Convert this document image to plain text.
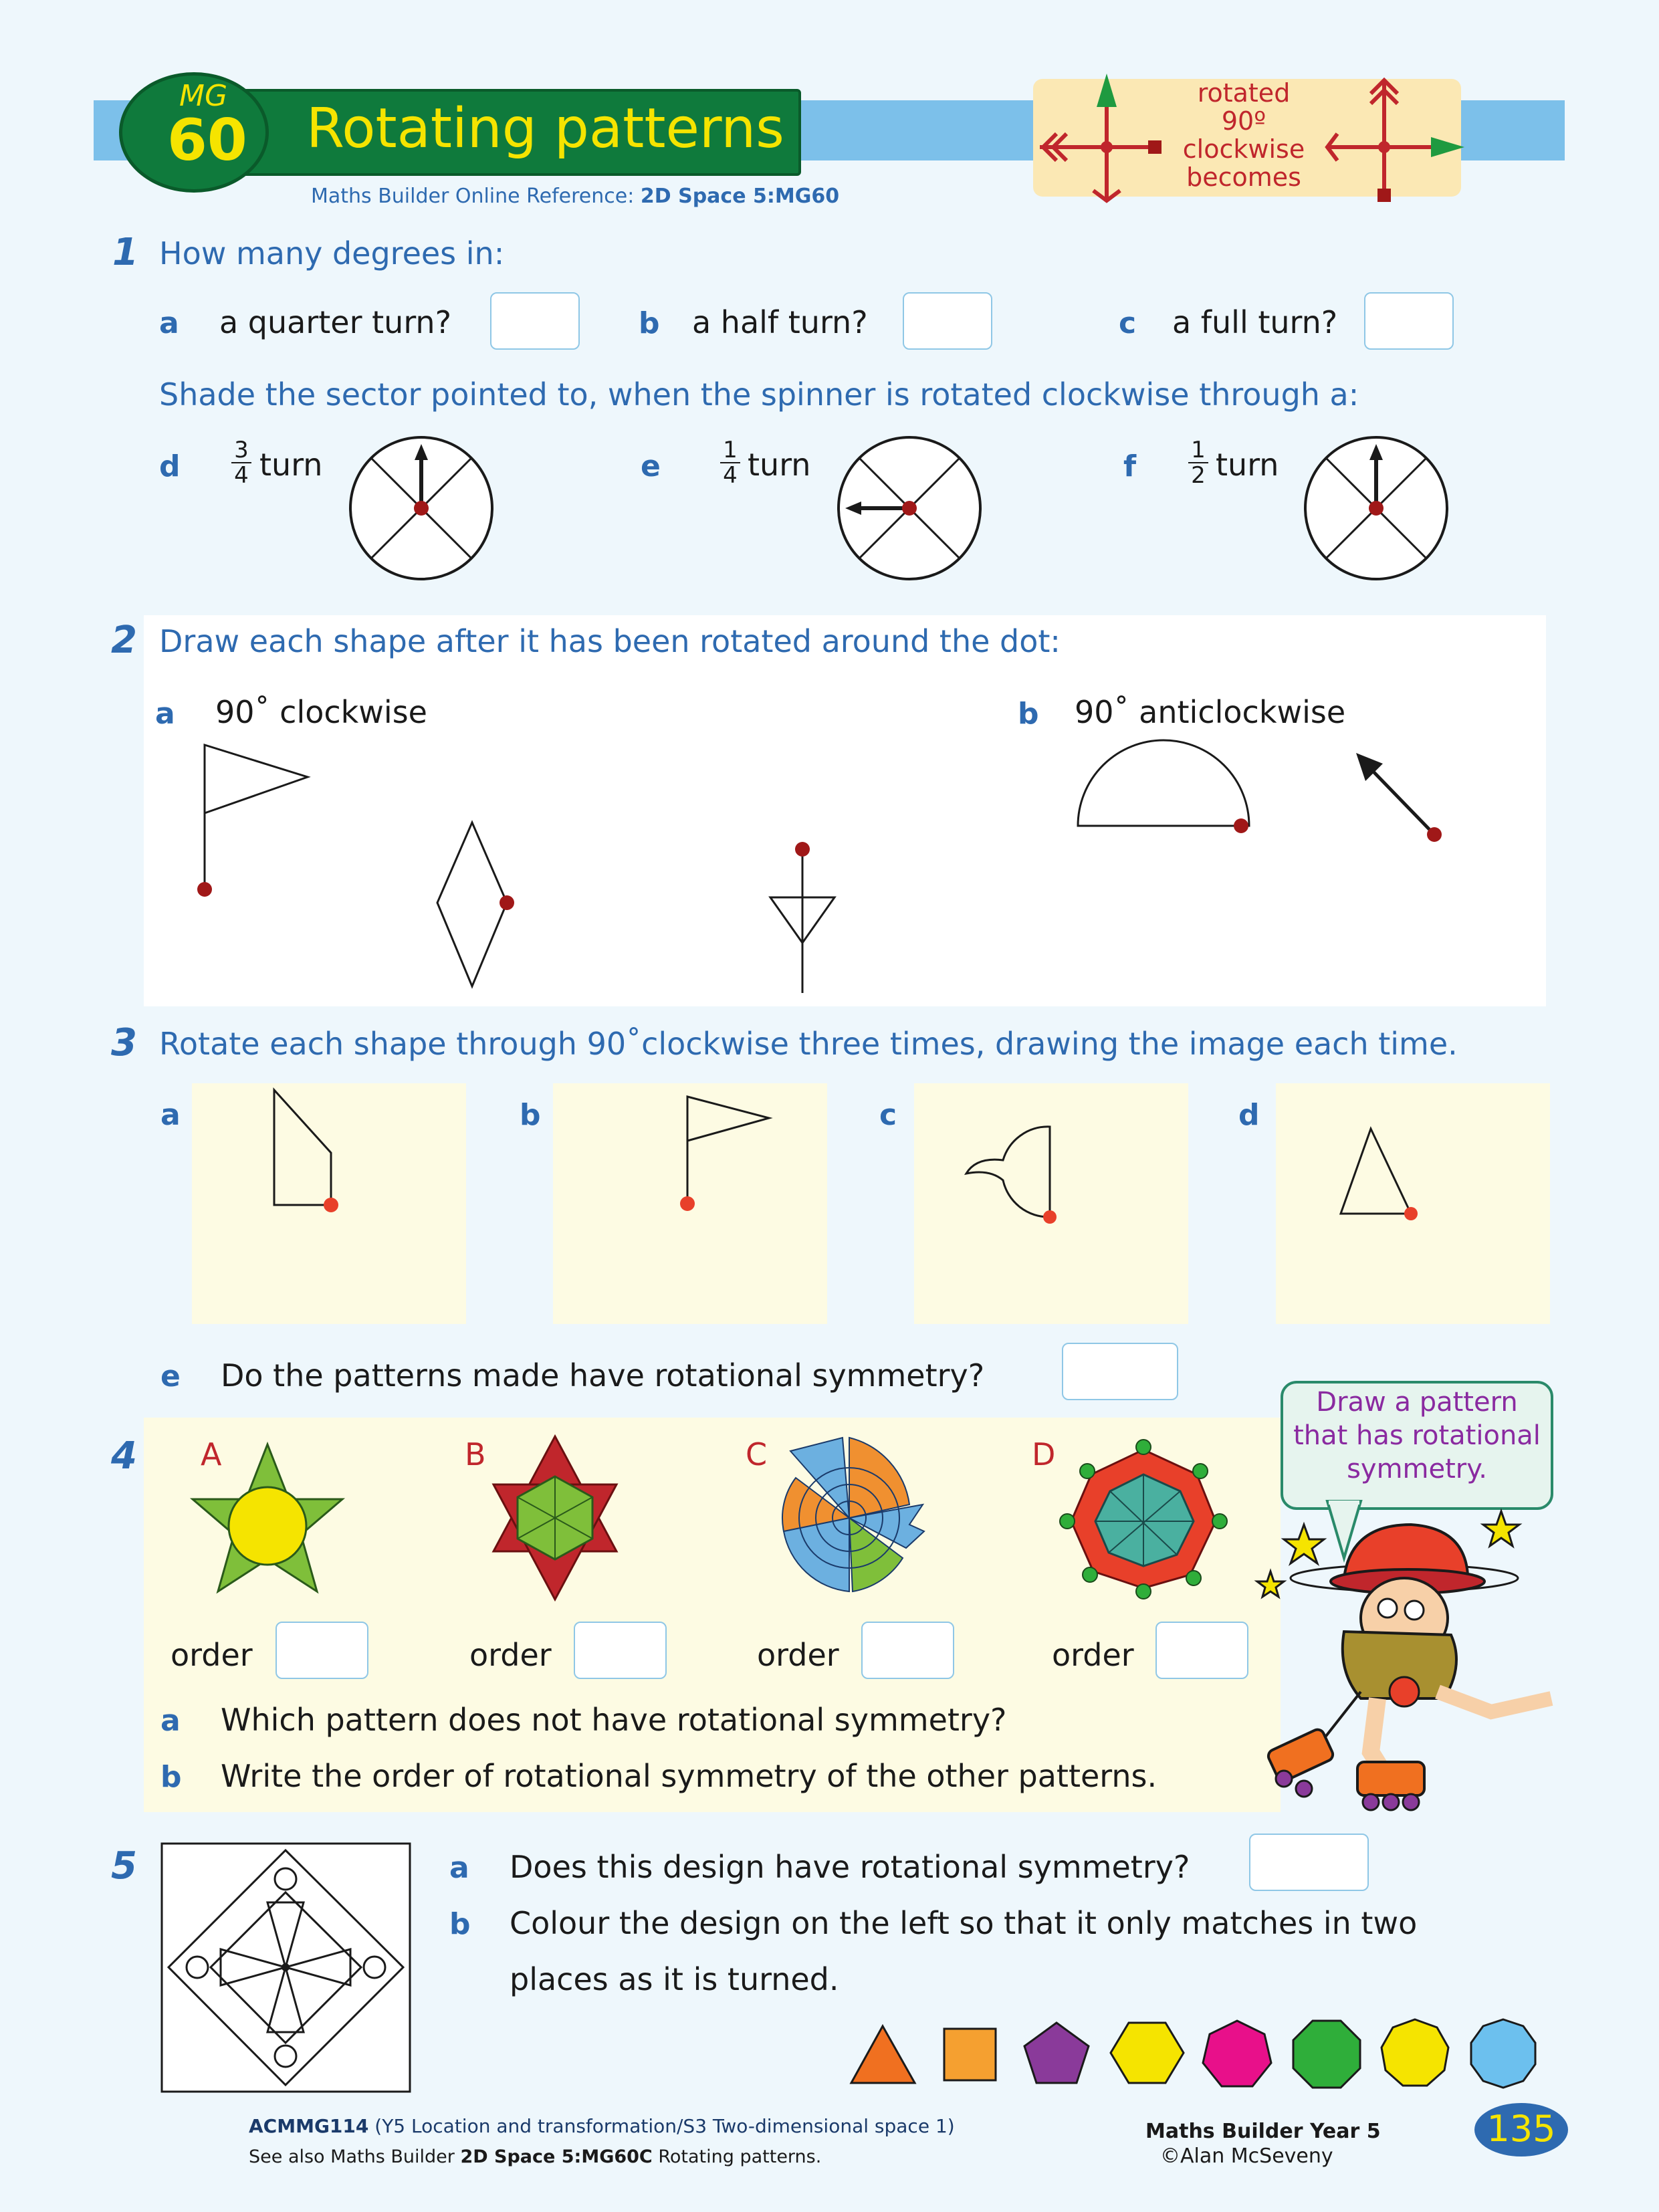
Rotating patterns
MG
60
Maths Builder Online Reference: 2D Space 5:MG60
rotated
90º
clockwise
becomes
1 How many degrees in:
a a quarter turn?	b a half turn?	c a full turn?
Shade the sector pointed to, when the spinner is rotated clockwise through a:
d $\frac{3}{4}$ turn	e	$\frac{1}{4}$ turn	f $\frac{1}{2}$ turn
2 Draw each shape after it has been rotated around the dot:
a 90˚ clockwise	b 90˚ anticlockwise
3 Rotate each shape through 90˚clockwise three times, drawing the image each time.
a	b	c	d
e Do the patterns made have rotational symmetry?
4 A	B	C	D
order	order	order	order
a Which pattern does not have rotational symmetry?
b Write the order of rotational symmetry of the other patterns.
Draw a pattern
that has rotational
symmetry.
5	a Does this design have rotational symmetry?
b Colour the design on the left so that it only matches in two
places as it is turned.
ACMMG114 (Y5 Location and transformation/S3 Two-dimensional space 1)
See also Maths Builder 2D Space 5:MG60C Rotating patterns.
Maths Builder Year 5
©Alan McSeveny
135
